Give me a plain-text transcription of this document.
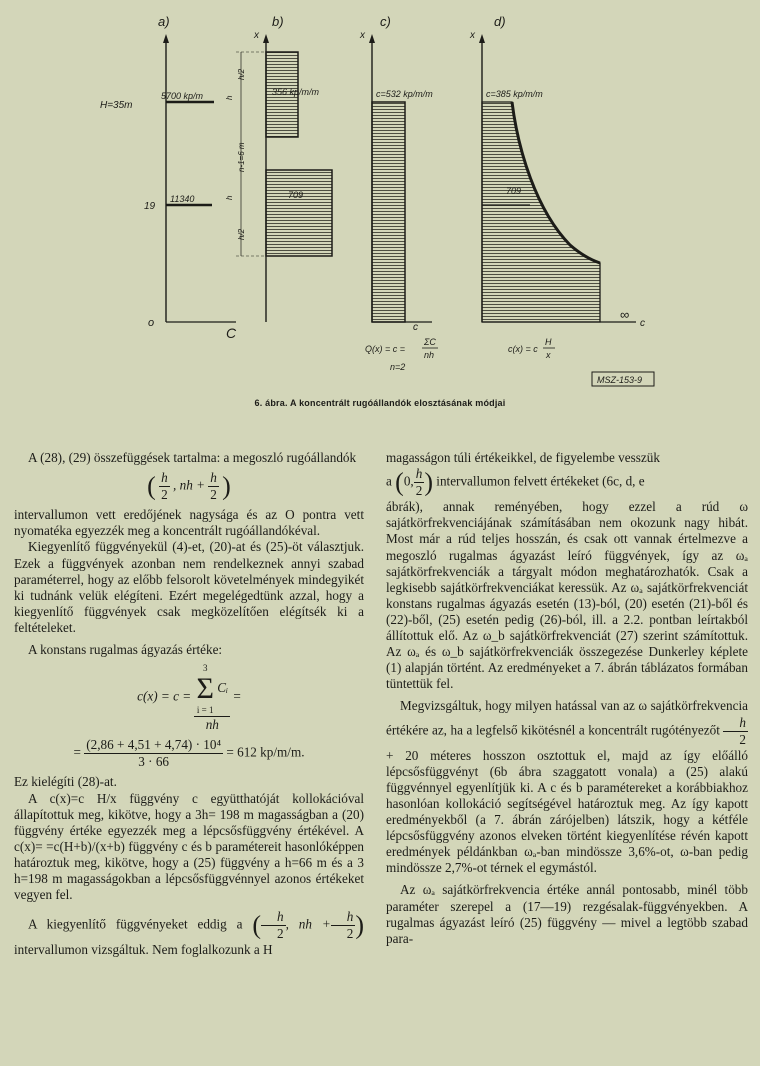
a)	b)	c)	d)
H=35m
19
5700 kp/m
11340
o
C
x
h/2
h
n-1=6 m
h
h/2
356 kp/m/m
709
x
c=532 kp/m/m
c
Q(x) = c =
ΣC
nh
n=2
x
c=385 kp/m/m
709
∞
c
c(x) = c
H
x
MSZ-153-9
6. ábra. A koncentrált rugóállandók elosztásának módjai

A (28), (29) összefüggések tartalma: a megoszló rugóállandók

( $\frac{h}{2}$ , nh + $\frac{h}{2}$ )

intervallumon vett eredőjének nagysága és az O pontra vett nyomatéka egyezzék meg a koncentrált rugóállandókéval.

Kiegyenlítő függvényekül (4)-et, (20)-at és (25)-öt választjuk. Ezek a függvények azonban nem rendelkeznek annyi szabad paraméterrel, hogy az előbb felsorolt követelmények mindegyikét ki tudnánk velük elégíteni. Ezért megelégedtünk azzal, hogy a kiegyenlítő függvények csak megközelítően elégítsék ki a feltételeket.

A konstans rugalmas ágyazás értéke:

c(x) = c = 3
Σ
i = 1
Cᵢ
nh =
= $\frac{\text{(2,86 + 4,51 + 4,74) · 10⁴}}{3 \cdot 66} = 612$ kp/m/m.

Ez kielégíti (28)-at.

A c(x)=c H/x függvény c együtthatóját kollokációval állapítottuk meg, kikötve, hogy a 3h= 198 m magasságban a (20) függvény értéke egyezzék meg a lépcsősfüggvény értékével. A c(x)= =c(H+b)/(x+b) függvény c és b paramétereit hasonlóképpen határoztuk meg, kikötve, hogy a (25) függvény a h=66 m és a 3 h=198 m magasságokban a lépcsősfüggvénnyel azonos értékeket vegyen fel.

A kiegyenlítő függvényeket eddig a ( $\frac{h}{2}$ , nh + $\frac{h}{2}$ ) intervallumon vizsgáltuk. Nem foglalkozunk a H

magasságon túli értékeikkel, de figyelembe vesszük

a (0, $\frac{h}{2}$ ) intervallumon felvett értékeket (6c, d, e

ábrák), annak reményében, hogy ezzel a rúd ω sajátkörfrekvenciájának számításában nem okozunk nagy hibát. Most már a rúd teljes hosszán, és csak ott vannak értelmezve a megoszló rugalmas ágyazást leíró függvények, így az ωₐ sajátkörfrekvenciák a tárgyalt módon meghatározhatók. Csak a legkisebb sajátkörfrekvenciákat keressük. Az ωₐ sajátkörfrekvenciát konstans rugalmas ágyazás esetén (13)-ból, (20) esetén (21)-ből és (22)-ből, (25) esetén pedig (26)-ból, ill. a 2.2. pontban leírtakból állítottuk elő. Az ω_b sajátkörfrekvenciát (27) szerint számítottuk. Az ωₐ és ω_b sajátkörfrekvenciák összegezése Dunkerley képlete (1) alapján történt. Az eredményeket a 7. ábrán táblázatos formában tüntettük fel.

Megvizsgáltuk, hogy milyen hatással van az ω sajátkörfrekvencia értékére az, ha a legfelső kikötésnél a koncentrált rugótényezőt $\frac{h}{2}$
+ 20 méteres hosszon osztottuk el, majd az így előálló lépcsősfüggvényt (6b ábra szaggatott vonala) a (25) alakú függvénnyel egyenlítjük ki. A c és b paramétereket a korábbiakhoz hasonlóan kollokáció segítségével határoztuk meg. Az így kapott eredményekből (a 7. ábrán zárójelben) látszik, hogy a kétféle lépcsősfüggvény azonos elveken történt kiegyenlítése révén kapott eredmények példánkban ωₐ-ban mindössze 3,6%-ot, ω-ban pedig mindössze 2,7%-ot térnek el egymástól.

Az ωₐ sajátkörfrekvencia értéke annál pontosabb, minél több paraméter szerepel a (17—19) rezgésalak-függvényekben. A rugalmas ágyazást leíró (25) függvény — mivel a legtöbb szabad para-
